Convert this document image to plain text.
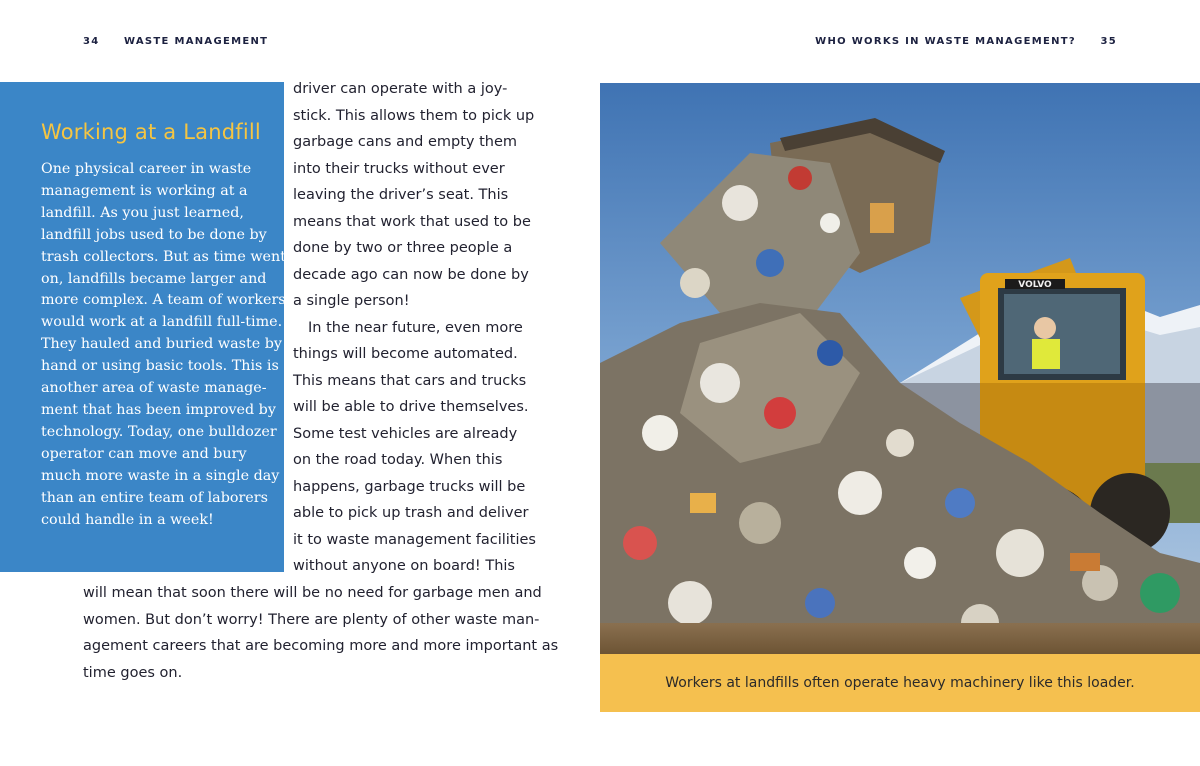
34 WASTE MANAGEMENT	WHO WORKS IN WASTE MANAGEMENT? 35
Working at a Landfill
One physical career in waste
management is working at a
landfill. As you just learned,
landfill jobs used to be done by
trash collectors. But as time went
on, landfills became larger and
more complex. A team of workers
would work at a landfill full-time.
They hauled and buried waste by
hand or using basic tools. This is
another area of waste manage-
ment that has been improved by
technology. Today, one bulldozer
operator can move and bury
much more waste in a single day
than an entire team of laborers
could handle in a week!
driver can operate with a joy-
stick. This allows them to pick up
garbage cans and empty them
into their trucks without ever
leaving the driver’s seat. This
means that work that used to be
done by two or three people a
decade ago can now be done by
a single person!
In the near future, even more
things will become automated.
This means that cars and trucks
will be able to drive themselves.
Some test vehicles are already
on the road today. When this
happens, garbage trucks will be
able to pick up trash and deliver
it to waste management facilities
without anyone on board! This
will mean that soon there will be no need for garbage men and
women. But don’t worry! There are plenty of other waste man-
agement careers that are becoming more and more important as
time goes on.
VOLVO
Workers at landfills often operate heavy machinery like this loader.
